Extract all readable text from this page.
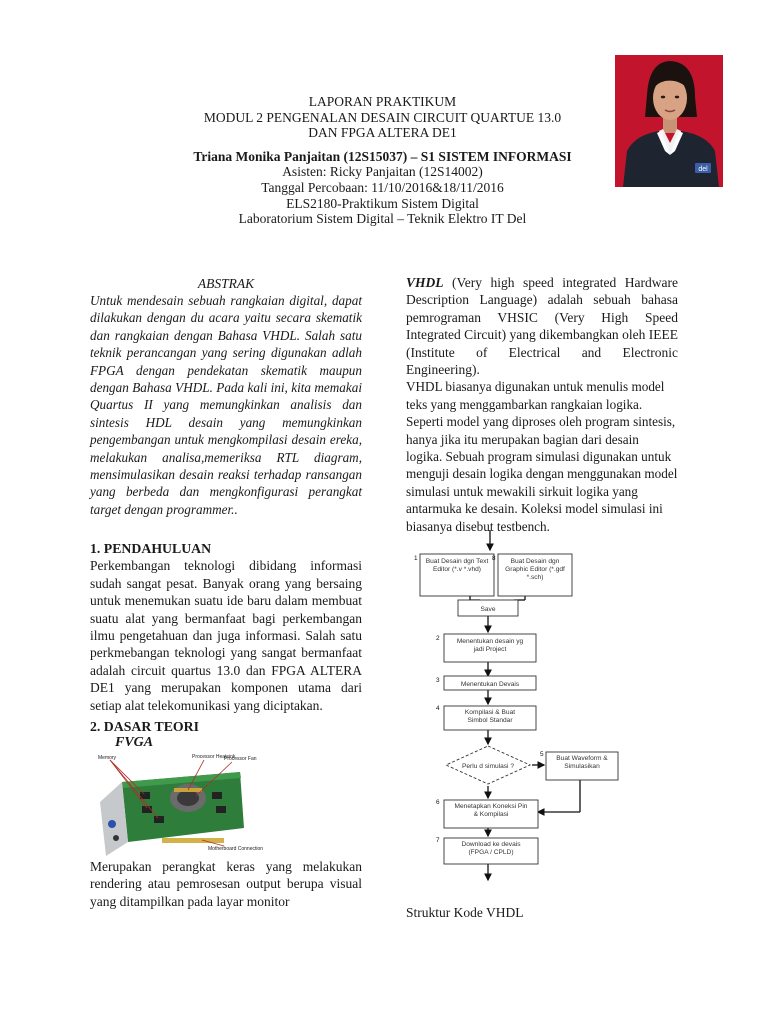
LAPORAN PRAKTIKUM
MODUL 2 PENGENALAN DESAIN CIRCUIT QUARTUE 13.0
DAN FPGA ALTERA DE1
Triana Monika Panjaitan (12S15037) – S1 SISTEM INFORMASI
Asisten: Ricky Panjaitan (12S14002)
Tanggal Percobaan: 11/10/2016&18/11/2016
ELS2180-Praktikum Sistem Digital
Laboratorium Sistem Digital – Teknik Elektro IT Del
del
ABSTRAK
Untuk mendesain sebuah rangkaian digital, dapat dilakukan dengan du acara yaitu secara skematik dan rangkaian dengan Bahasa VHDL. Salah satu teknik perancangan yang sering digunakan adlah FPGA dengan pendekatan skematik maupun dengan Bahasa VHDL. Pada kali ini, kita memakai Quartus II yang memungkinkan analisis dan sintesis HDL desain yang memungkinkan pengembangan untuk mengkompilasi desain ereka, melakukan analisa,memeriksa RTL diagram, mensimulasikan desain reaksi terhadap ransangan yang berbeda dan mengkonfigurasi perangkat target dengan programmer..
1. PENDAHULUAN
Perkembangan teknologi dibidang informasi sudah sangat pesat. Banyak orang yang bersaing untuk menemukan suatu ide baru dalam membuat suatu alat yang bermanfaat bagi perkembangan ilmu pengetahuan dan juga informasi. Salah satu perkmebangan teknologi yang sangat bermanfaat adalah circuit quartus 13.0 dan FPGA ALTERA DE1 yang merupakan komponen utama dari setiap alat telekomunikasi yang diciptakan.
2. DASAR TEORI
FVGA
Memory	Processor Heatsink
Processor Fan
Motherboard Connection
Merupakan perangkat keras yang melakukan rendering atau pemrosesan output berupa visual yang ditampilkan pada layar monitor
VHDL (Very high speed integrated Hardware Description Language) adalah sebuah bahasa pemrograman VHSIC (Very High Speed Integrated Circuit) yang dikembangkan oleh IEEE (Institute of Electrical and Electronic Engineering).
VHDL biasanya digunakan untuk menulis model teks yang menggambarkan rangkaian logika. Seperti model yang diproses oleh program sintesis, hanya jika itu merupakan bagian dari desain logika. Sebuah program simulasi digunakan untuk menguji desain logika dengan menggunakan model simulasi untuk mewakili sirkuit logika yang antarmuka ke desain. Koleksi model simulasi ini biasanya disebut testbench.
1	8
2
3
4
5
6
7
Buat Desain dgn Text Editor (*.v *.vhd)
Buat Desain dgn Graphic Editor (*.gdf *.sch)
Save
Menentukan desain yg jadi Project
Menentukan Devais
Kompilasi & Buat Simbol Standar
Perlu d simulasi ?
Buat Waveform & Simulasikan
Menetapkan Koneksi Pin & Kompilasi
Download ke devais (FPGA / CPLD)
Struktur Kode VHDL
